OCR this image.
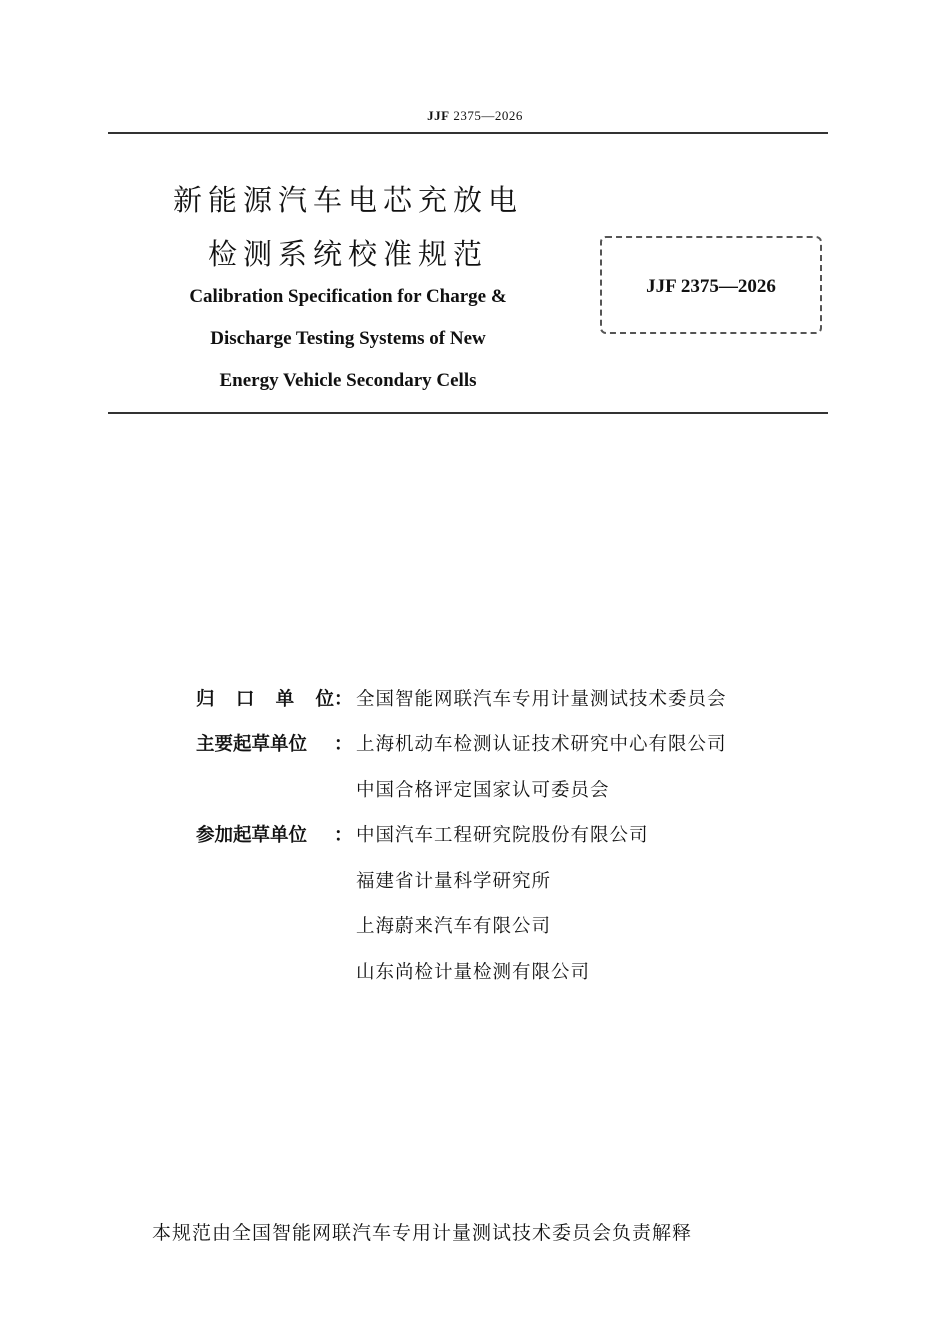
JJF 2375—2026
新能源汽车电芯充放电
检测系统校准规范
Calibration Specification for Charge &
Discharge Testing Systems of New
Energy Vehicle Secondary Cells
JJF 2375—2026
归 口 单 位 ： 全国智能网联汽车专用计量测试技术委员会
主要起草单位	： 上海机动车检测认证技术研究中心有限公司
中国合格评定国家认可委员会
参加起草单位	： 中国汽车工程研究院股份有限公司
福建省计量科学研究所
上海蔚来汽车有限公司
山东尚检计量检测有限公司
本规范由全国智能网联汽车专用计量测试技术委员会负责解释
